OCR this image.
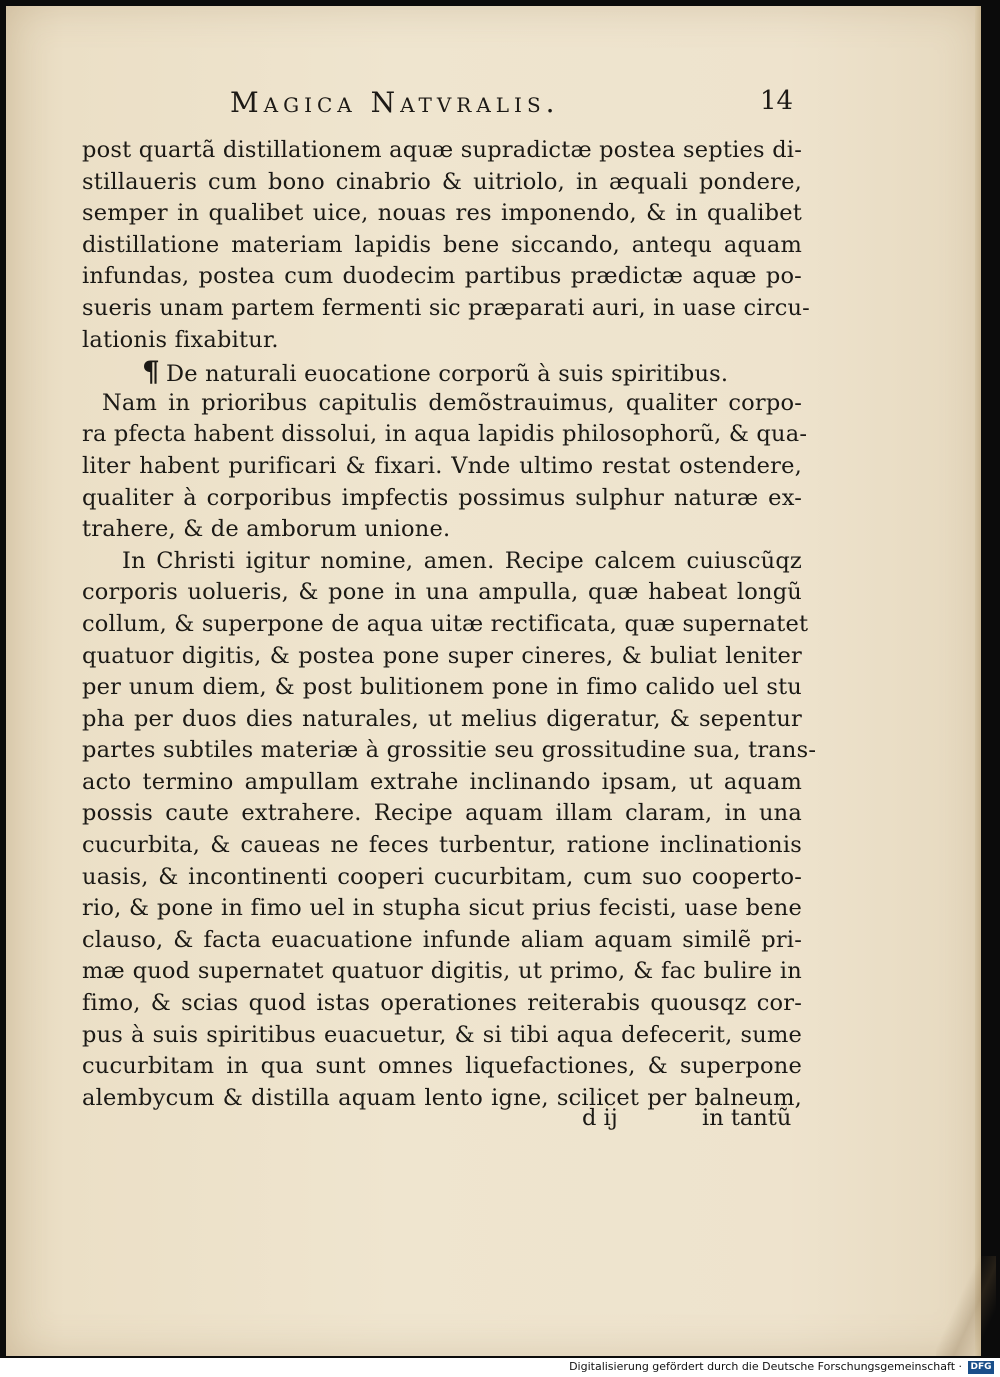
Magica Natvralis.	14
post quartã distillationem aquæ supradictæ postea septies di-
stillaueris cum bono cinabrio & uitriolo, in æquali pondere,
semper in qualibet uice, nouas res imponendo, & in qualibet
distillatione materiam lapidis bene siccando, antequ aquam
infundas, postea cum duodecim partibus prædictæ aquæ po-
sueris unam partem fermenti sic præparati auri, in uase circu-
lationis fixabitur.
¶ De naturali euocatione corporũ à suis spiritibus.
Nam in prioribus capitulis demõstrauimus, qualiter corpo-
ra pfecta habent dissolui, in aqua lapidis philosophorũ, & qua-
liter habent purificari & fixari. Vnde ultimo restat ostendere,
qualiter à corporibus impfectis possimus sulphur naturæ ex-
trahere, & de amborum unione.
In Christi igitur nomine, amen. Recipe calcem cuiuscũqz
corporis uolueris, & pone in una ampulla, quæ habeat longũ
collum, & superpone de aqua uitæ rectificata, quæ supernatet
quatuor digitis, & postea pone super cineres, & buliat leniter
per unum diem, & post bulitionem pone in fimo calido uel stu
pha per duos dies naturales, ut melius digeratur, & sepentur
partes subtiles materiæ à grossitie seu grossitudine sua, trans-
acto termino ampullam extrahe inclinando ipsam, ut aquam
possis caute extrahere. Recipe aquam illam claram, in una
cucurbita, & caueas ne feces turbentur, ratione inclinationis
uasis, & incontinenti cooperi cucurbitam, cum suo cooperto-
rio, & pone in fimo uel in stupha sicut prius fecisti, uase bene
clauso, & facta euacuatione infunde aliam aquam similẽ pri-
mæ quod supernatet quatuor digitis, ut primo, & fac bulire in
fimo, & scias quod istas operationes reiterabis quousqz cor-
pus à suis spiritibus euacuetur, & si tibi aqua defecerit, sume
cucurbitam in qua sunt omnes liquefactiones, & superpone
alembycum & distilla aquam lento igne, scilicet per balneum,
d ij	in tantũ
Digitalisierung gefördert durch die Deutsche Forschungsgemeinschaft · DFG
